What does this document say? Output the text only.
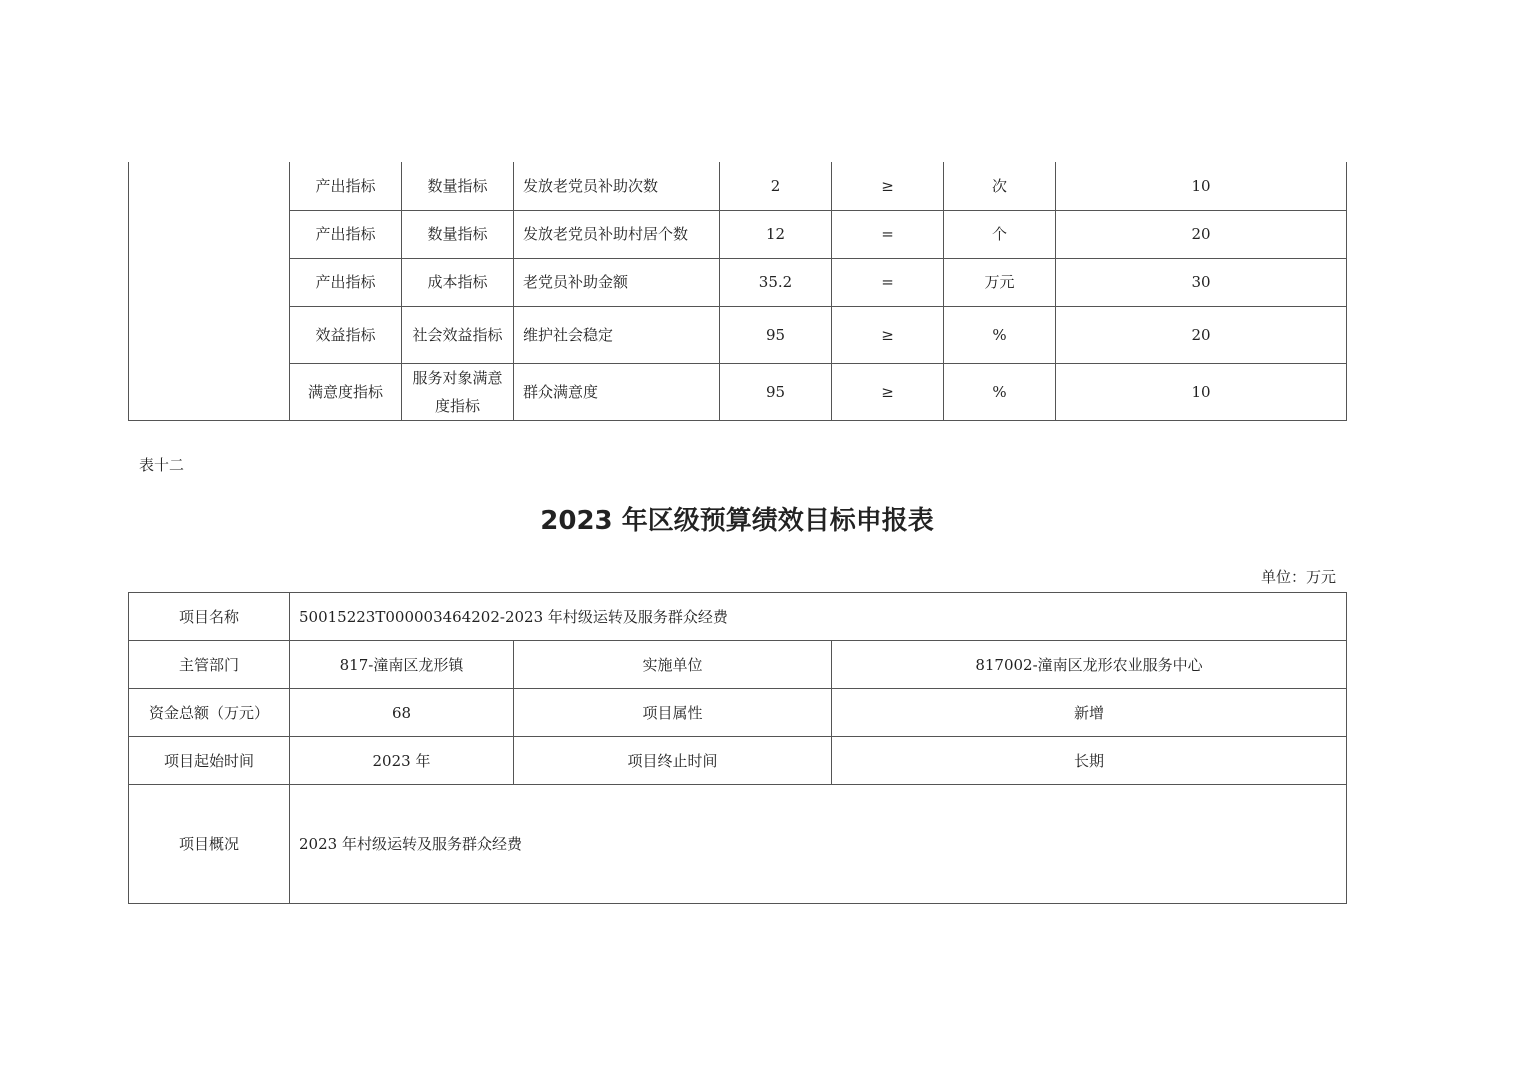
	产出指标	数量指标	发放老党员补助次数	2	≥	次	10
	产出指标	数量指标	发放老党员补助村居个数	12	=	个	20
	产出指标	成本指标	老党员补助金额	35.2	=	万元	30
	效益指标	社会效益指标	维护社会稳定	95	≥	%	20
	满意度指标	服务对象满意度指标	群众满意度	95	≥	%	10
表十二
2023 年区级预算绩效目标申报表
单位：万元
项目名称	50015223T000003464202-2023 年村级运转及服务群众经费		
主管部门	817-潼南区龙形镇	实施单位	817002-潼南区龙形农业服务中心
资金总额（万元）	68	项目属性	新增
项目起始时间	2023 年	项目终止时间	长期
项目概况	2023 年村级运转及服务群众经费		
